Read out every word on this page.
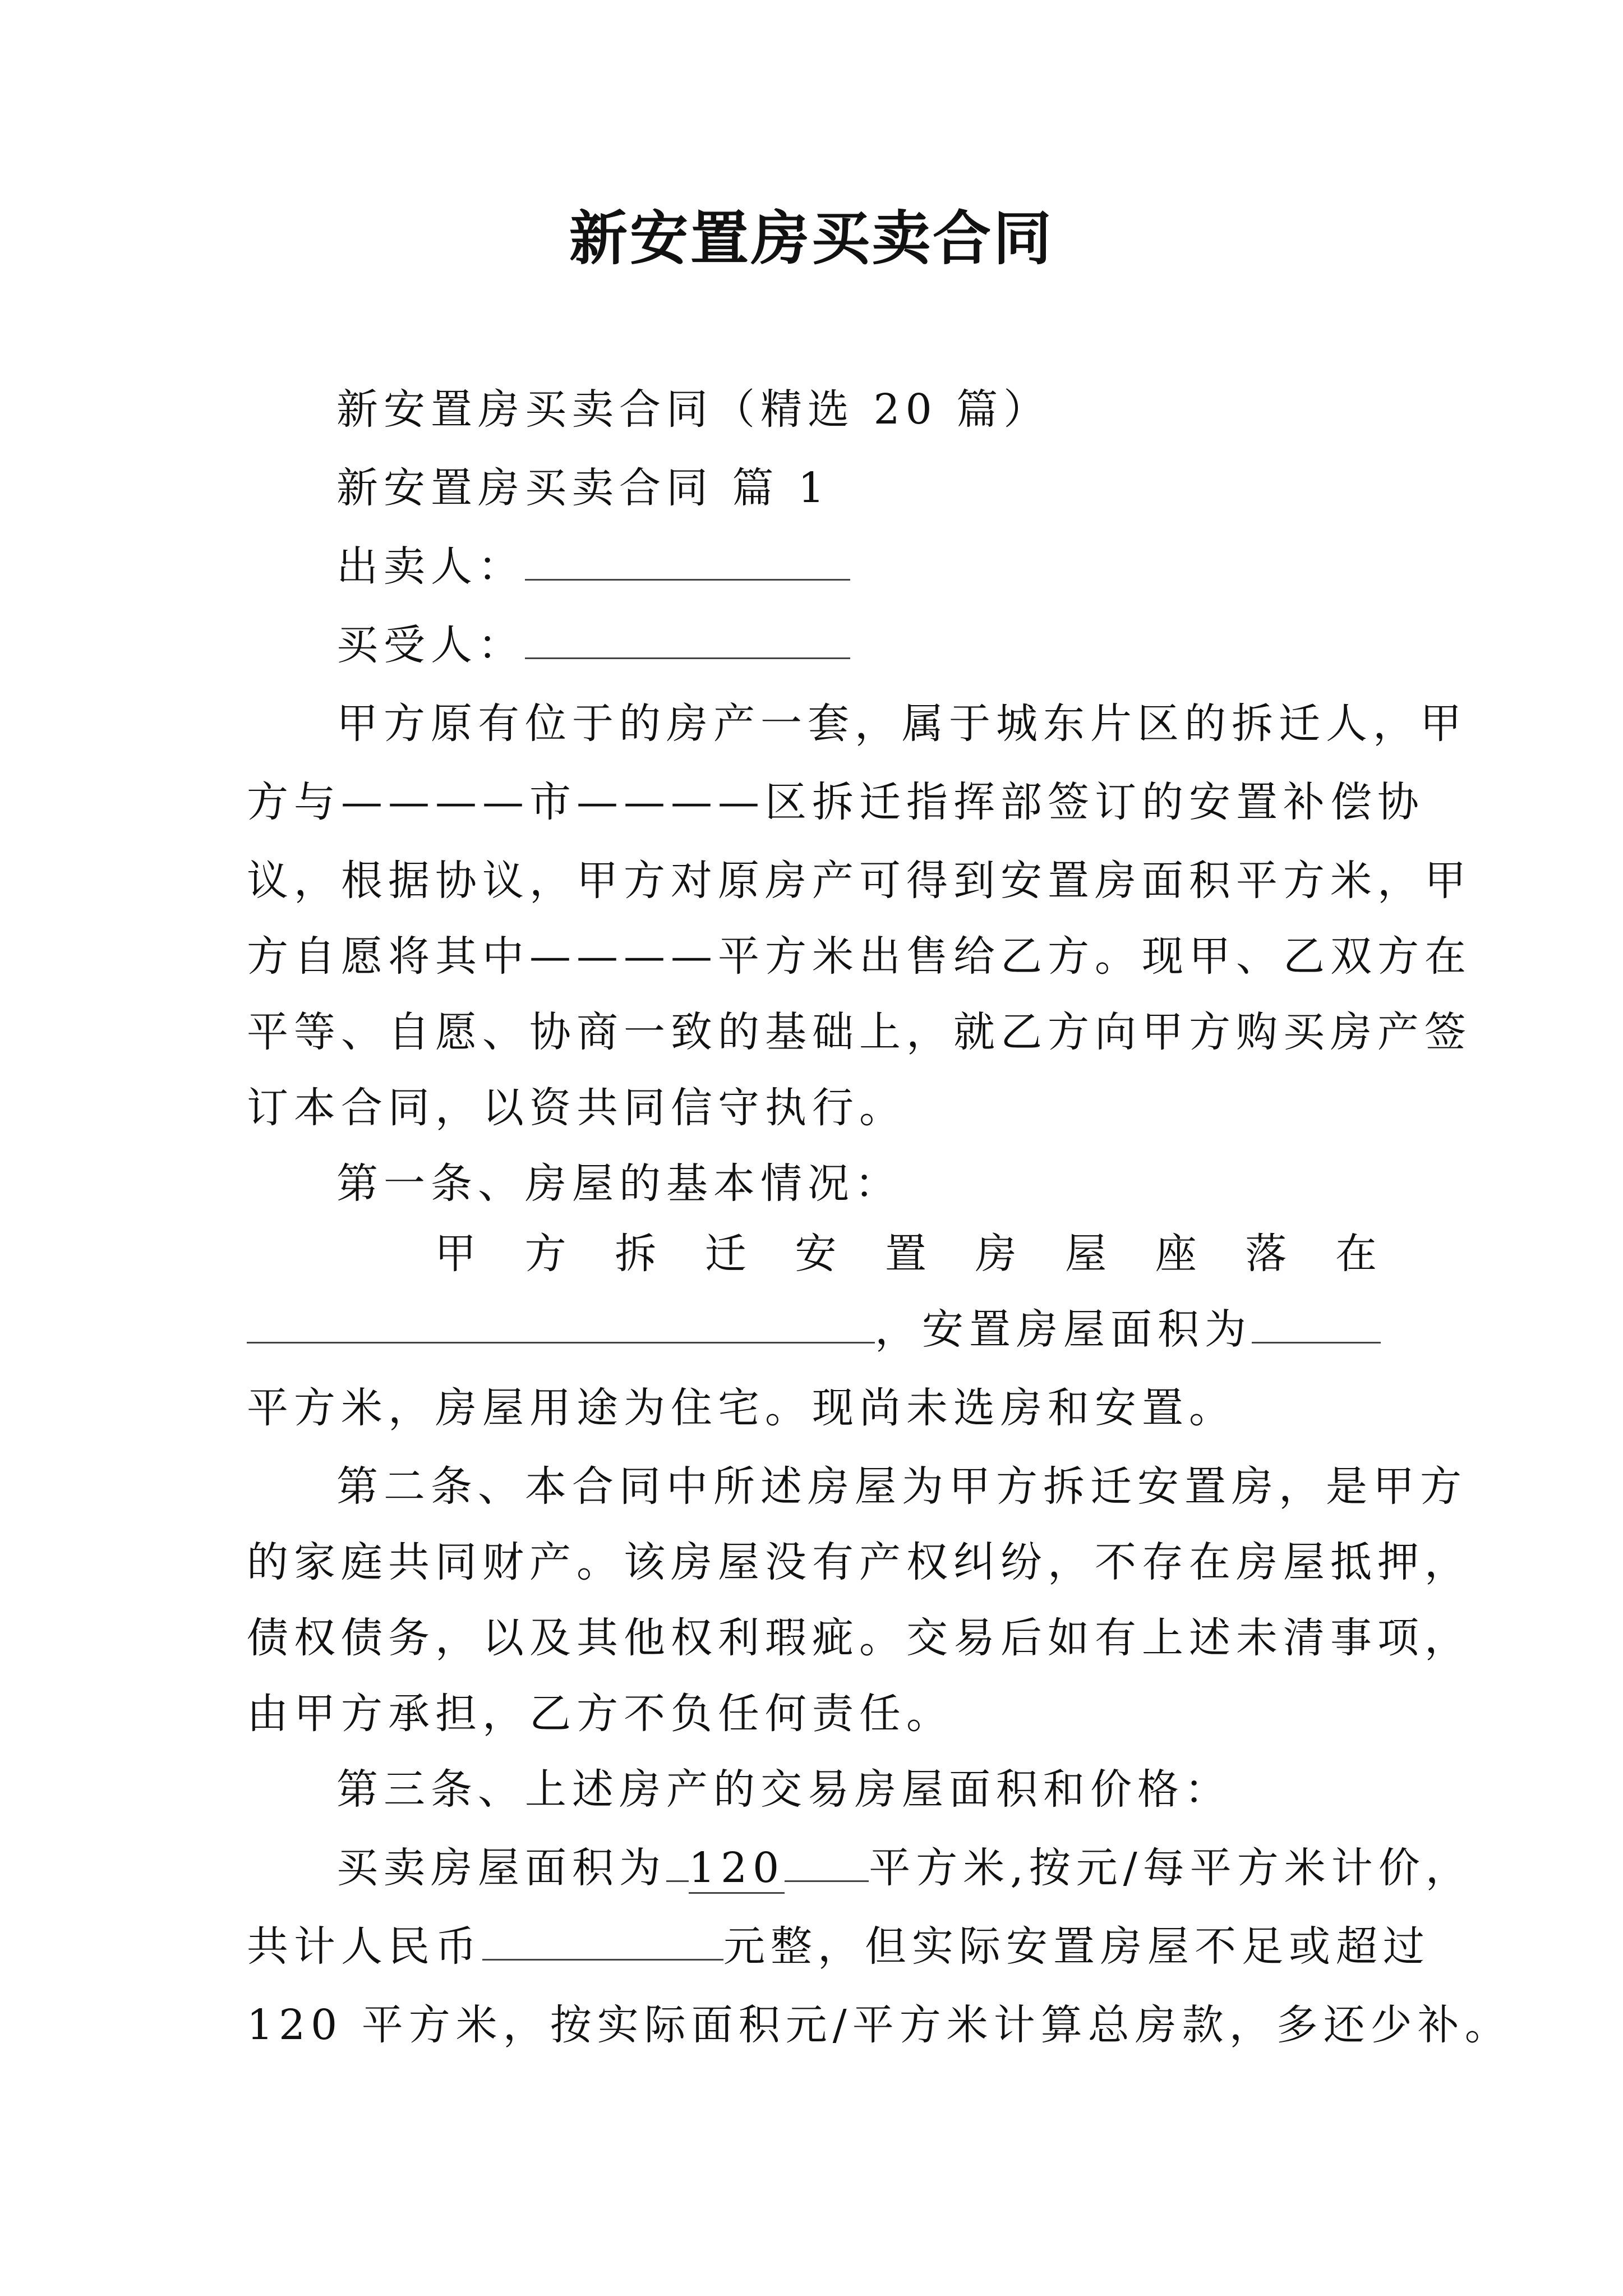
新安置房买卖合同
新安置房买卖合同（精选 20 篇）
新安置房买卖合同 篇 1
出卖人：
买受人：
甲方原有位于的房产一套，属于城东片区的拆迁人，甲
方与————市————区拆迁指挥部签订的安置补偿协
议，根据协议，甲方对原房产可得到安置房面积平方米，甲
方自愿将其中————平方米出售给乙方。现甲、乙双方在
平等、自愿、协商一致的基础上，就乙方向甲方购买房产签
订本合同，以资共同信守执行。
第一条、房屋的基本情况：
甲 方 拆 迁 安 置 房 屋 座 落 在
，安置房屋面积为
平方米，房屋用途为住宅。现尚未选房和安置。
第二条、本合同中所述房屋为甲方拆迁安置房，是甲方
的家庭共同财产。该房屋没有产权纠纷，不存在房屋抵押，
债权债务，以及其他权利瑕疵。交易后如有上述未清事项，
由甲方承担，乙方不负任何责任。
第三条、上述房产的交易房屋面积和价格：
买卖房屋面积为 120 平方米,按元/每平方米计价，
共计人民币	元整，但实际安置房屋不足或超过
120 平方米，按实际面积元/平方米计算总房款，多还少补。
